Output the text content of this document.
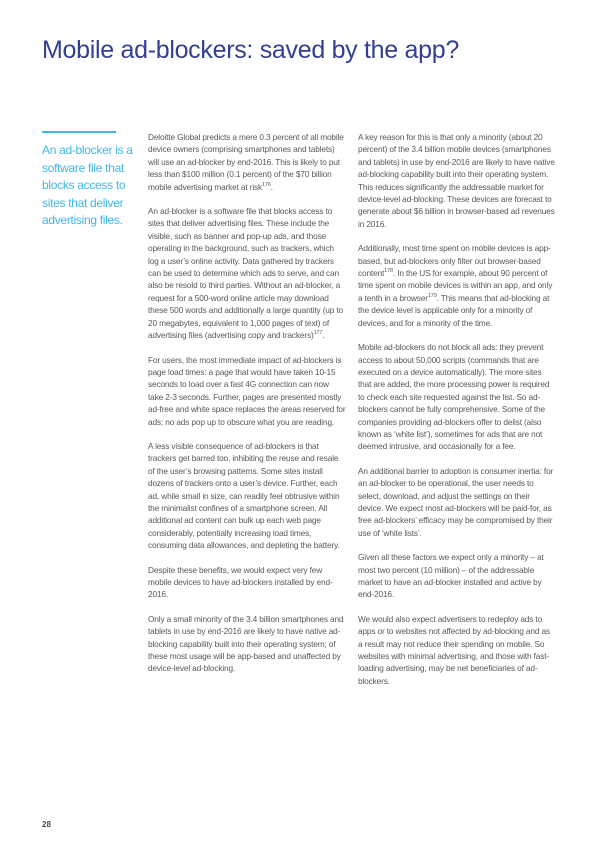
Mobile ad-blockers: saved by the app?

An ad-blocker is a software file that blocks access to sites that deliver advertising files.

Deloitte Global predicts a mere 0.3 percent of all mobile device owners (comprising smartphones and tablets) will use an ad-blocker by end-2016. This is likely to put less than $100 million (0.1 percent) of the $70 billion mobile advertising market at risk$^{176}$.

An ad-blocker is a software file that blocks access to sites that deliver advertising files. These include the visible, such as banner and pop-up ads, and those operating in the background, such as trackers, which log a user’s online activity. Data gathered by trackers can be used to determine which ads to serve, and can also be resold to third parties. Without an ad-blocker, a request for a 500-word online article may download these 500 words and additionally a large quantity (up to 20 megabytes, equivalent to 1,000 pages of text) of advertising files (advertising copy and trackers)$^{177}$.

For users, the most immediate impact of ad-blockers is page load times: a page that would have taken 10-15 seconds to load over a fast 4G connection can now take 2-3 seconds. Further, pages are presented mostly ad-free and white space replaces the areas reserved for ads; no ads pop up to obscure what you are reading.

A less visible consequence of ad-blockers is that trackers get barred too, inhibiting the reuse and resale of the user’s browsing patterns. Some sites install dozens of trackers onto a user’s device. Further, each ad, while small in size, can readily feel obtrusive within the minimalist confines of a smartphone screen. All additional ad content can bulk up each web page considerably, potentially increasing load times, consuming data allowances, and depleting the battery.

Despite these benefits, we would expect very few mobile devices to have ad-blockers installed by end-2016.

Only a small minority of the 3.4 billion smartphones and tablets in use by end-2016 are likely to have native ad-blocking capability built into their operating system; of these most usage will be app-based and unaffected by device-level ad-blocking.

A key reason for this is that only a minority (about 20 percent) of the 3.4 billion mobile devices (smartphones and tablets) in use by end-2016 are likely to have native ad-blocking capability built into their operating system. This reduces significantly the addressable market for device-level ad-blocking. These devices are forecast to generate about $6 billion in browser-based ad revenues in 2016.

Additionally, most time spent on mobile devices is app-based, but ad-blockers only filter out browser-based content$^{178}$. In the US for example, about 90 percent of time spent on mobile devices is within an app, and only a tenth in a browser$^{179}$. This means that ad-blocking at the device level is applicable only for a minority of devices, and for a minority of the time.

Mobile ad-blockers do not block all ads: they prevent access to about 50,000 scripts (commands that are executed on a device automatically). The more sites that are added, the more processing power is required to check each site requested against the list. So ad-blockers cannot be fully comprehensive. Some of the companies providing ad-blockers offer to delist (also known as ‘white list’), sometimes for ads that are not deemed intrusive, and occasionally for a fee.

An additional barrier to adoption is consumer inertia: for an ad-blocker to be operational, the user needs to select, download, and adjust the settings on their device. We expect most ad-blockers will be paid-for, as free ad-blockers’ efficacy may be compromised by their use of ‘white lists’.

Given all these factors we expect only a minority – at most two percent (10 million) – of the addressable market to have an ad-blocker installed and active by end-2016.

We would also expect advertisers to redeploy ads to apps or to websites not affected by ad-blocking and as a result may not reduce their spending on mobile. So websites with minimal advertising, and those with fast-loading advertising, may be net beneficiaries of ad-blockers.

28
